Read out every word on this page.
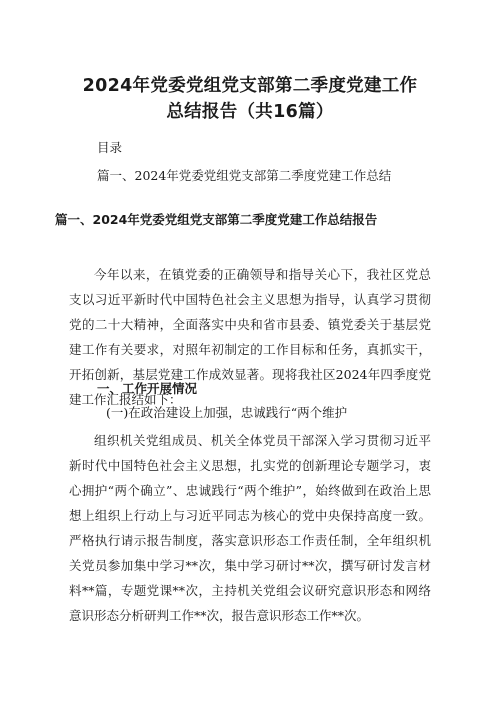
2024年党委党组党支部第二季度党建工作
总结报告（共16篇）
目录
篇一、2024年党委党组党支部第二季度党建工作总结
篇一、2024年党委党组党支部第二季度党建工作总结报告

今年以来，在镇党委的正确领导和指导关心下，我社区党总支以习近平新时代中国特色社会主义思想为指导，认真学习贯彻党的二十大精神，全面落实中央和省市县委、镇党委关于基层党建工作有关要求，对照年初制定的工作目标和任务，真抓实干，开拓创新，基层党建工作成效显著。现将我社区2024年四季度党建工作汇报结如下：

一、工作开展情况
(一)在政治建设上加强，忠诚践行“两个维护

组织机关党组成员、机关全体党员干部深入学习贯彻习近平新时代中国特色社会主义思想，扎实党的创新理论专题学习，衷心拥护“两个确立”、忠诚践行“两个维护”，始终做到在政治上思想上组织上行动上与习近平同志为核心的党中央保持高度一致。严格执行请示报告制度，落实意识形态工作责任制，全年组织机关党员参加集中学习**次，集中学习研讨**次，撰写研讨发言材料**篇，专题党课**次，主持机关党组会议研究意识形态和网络意识形态分析研判工作**次，报告意识形态工作**次。
